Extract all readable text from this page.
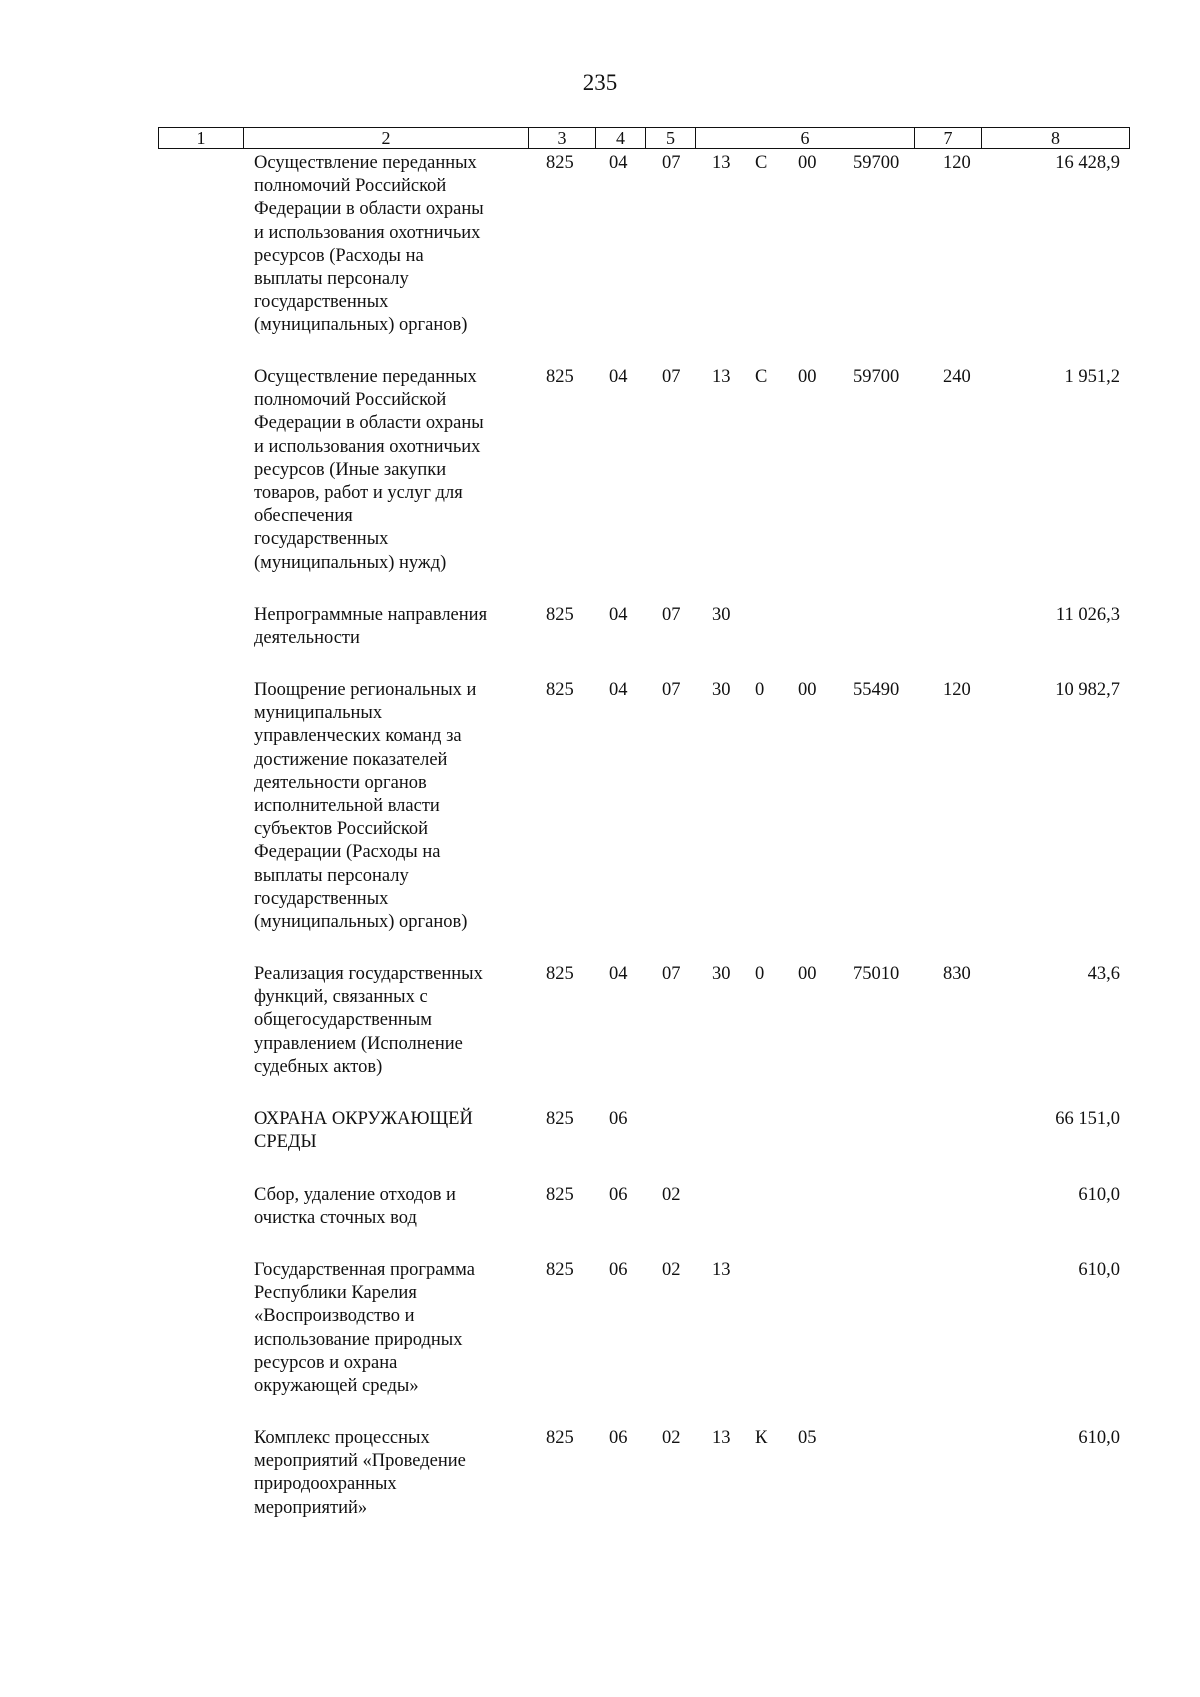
235
1	2	3	4	5	6	7	8
Осуществление переданных
полномочий Российской
Федерации в области охраны
и использования охотничьих
ресурсов (Расходы на
выплаты персоналу
государственных
(муниципальных) органов)
825 04 07 13 С 00 59700 120	16 428,9
Осуществление переданных
полномочий Российской
Федерации в области охраны
и использования охотничьих
ресурсов (Иные закупки
товаров, работ и услуг для
обеспечения
государственных
(муниципальных) нужд)
825 04 07 13 С 00 59700 240	1 951,2
Непрограммные направления
деятельности
825 04 07 30	11 026,3
Поощрение региональных и
муниципальных
управленческих команд за
достижение показателей
деятельности органов
исполнительной власти
субъектов Российской
Федерации (Расходы на
выплаты персоналу
государственных
(муниципальных) органов)
825 04 07 30 0 00 55490 120	10 982,7
Реализация государственных
функций, связанных с
общегосударственным
управлением (Исполнение
судебных актов)
825 04 07 30 0 00 75010 830	43,6
ОХРАНА ОКРУЖАЮЩЕЙ
СРЕДЫ
825 06	66 151,0
Сбор, удаление отходов и
очистка сточных вод
825 06 02	610,0
Государственная программа
Республики Карелия
«Воспроизводство и
использование природных
ресурсов и охрана
окружающей среды»
825 06 02 13	610,0
Комплекс процессных
мероприятий «Проведение
природоохранных
мероприятий»
825 06 02 13 К 05	610,0
